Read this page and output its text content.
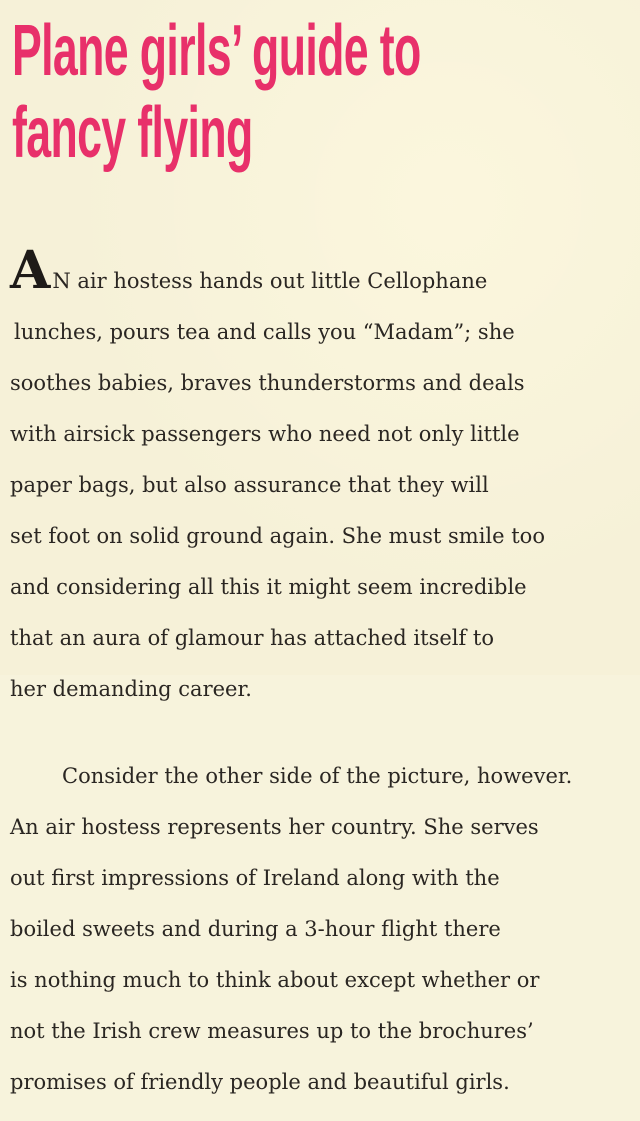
Plane girls’ guide to
fancy flying

A N air hostess hands out little Cellophane

lunches, pours tea and calls you “Madam”; she

soothes babies, braves thunderstorms and deals

with airsick passengers who need not only little

paper bags, but also assurance that they will

set foot on solid ground again. She must smile too

and considering all this it might seem incredible

that an aura of glamour has attached itself to

her demanding career.

Consider the other side of the picture, however.

An air hostess represents her country. She serves

out first impressions of Ireland along with the

boiled sweets and during a 3-hour flight there

is nothing much to think about except whether or

not the Irish crew measures up to the brochures’

promises of friendly people and beautiful girls.
